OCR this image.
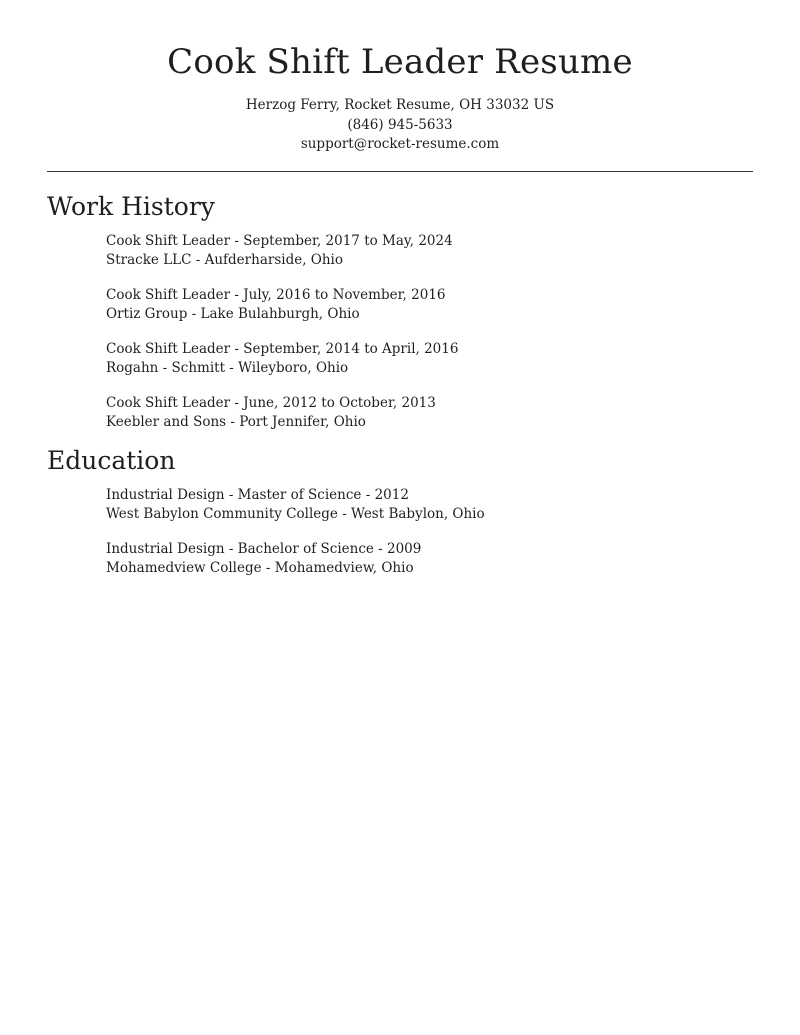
Cook Shift Leader Resume
Herzog Ferry, Rocket Resume, OH 33032 US
(846) 945-5633
support@rocket-resume.com
Work History
Cook Shift Leader - September, 2017 to May, 2024
Stracke LLC - Aufderharside, Ohio
Cook Shift Leader - July, 2016 to November, 2016
Ortiz Group - Lake Bulahburgh, Ohio
Cook Shift Leader - September, 2014 to April, 2016
Rogahn - Schmitt - Wileyboro, Ohio
Cook Shift Leader - June, 2012 to October, 2013
Keebler and Sons - Port Jennifer, Ohio
Education
Industrial Design - Master of Science - 2012
West Babylon Community College - West Babylon, Ohio
Industrial Design - Bachelor of Science - 2009
Mohamedview College - Mohamedview, Ohio
